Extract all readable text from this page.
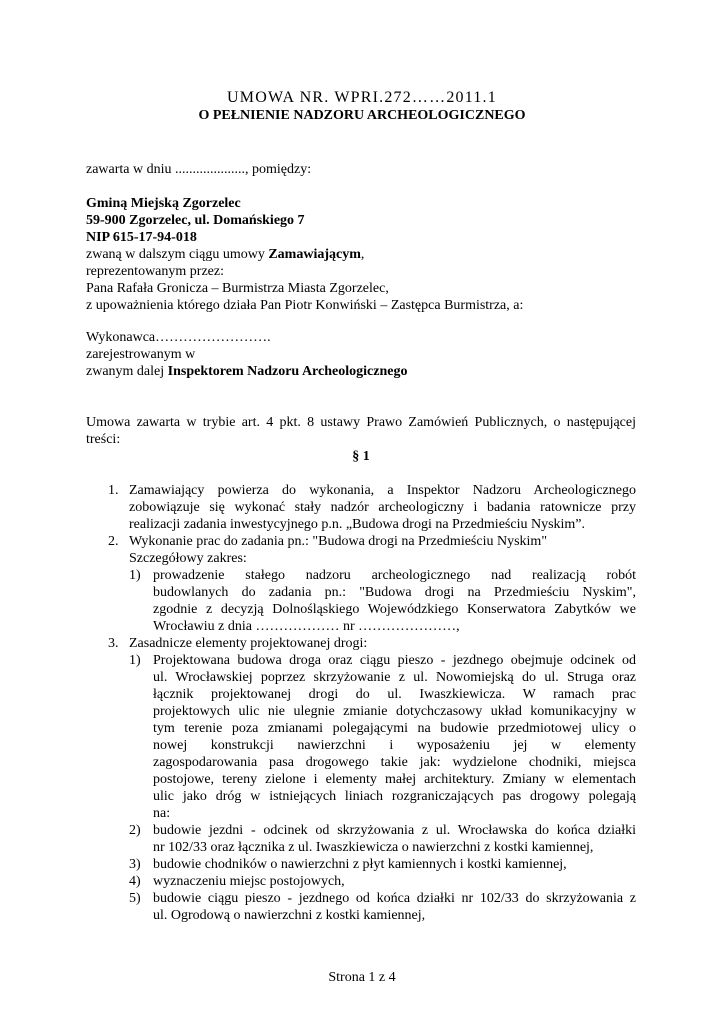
UMOWA NR. WPRI.272……2011.1
O PEŁNIENIE NADZORU ARCHEOLOGICZNEGO
zawarta w dniu ...................., pomiędzy:
Gminą Miejską Zgorzelec
59-900 Zgorzelec, ul. Domańskiego 7
NIP 615-17-94-018
zwaną w dalszym ciągu umowy Zamawiającym,
reprezentowanym przez:
Pana Rafała Gronicza – Burmistrza Miasta Zgorzelec,
z upoważnienia którego działa Pan Piotr Konwiński – Zastępca Burmistrza, a:
Wykonawca…………………….
zarejestrowanym w
zwanym dalej Inspektorem Nadzoru Archeologicznego
Umowa zawarta w trybie art. 4 pkt. 8 ustawy Prawo Zamówień Publicznych, o następującej
treści:
§ 1
1. Zamawiający powierza do wykonania, a Inspektor Nadzoru Archeologicznego
zobowiązuje się wykonać stały nadzór archeologiczny i badania ratownicze przy
realizacji zadania inwestycyjnego p.n. „Budowa drogi na Przedmieściu Nyskim”.
2. Wykonanie prac do zadania pn.: "Budowa drogi na Przedmieściu Nyskim"
Szczegółowy zakres:
1) prowadzenie stałego nadzoru archeologicznego nad realizacją robót
budowlanych do zadania pn.: "Budowa drogi na Przedmieściu Nyskim",
zgodnie z decyzją Dolnośląskiego Wojewódzkiego Konserwatora Zabytków we
Wrocławiu z dnia ……………… nr …………………,
3. Zasadnicze elementy projektowanej drogi:
1) Projektowana budowa droga oraz ciągu pieszo - jezdnego obejmuje odcinek od
ul. Wrocławskiej poprzez skrzyżowanie z ul. Nowomiejską do ul. Struga oraz
łącznik projektowanej drogi do ul. Iwaszkiewicza. W ramach prac
projektowych ulic nie ulegnie zmianie dotychczasowy układ komunikacyjny w
tym terenie poza zmianami polegającymi na budowie przedmiotowej ulicy o
nowej konstrukcji nawierzchni i wyposażeniu jej w elementy
zagospodarowania pasa drogowego takie jak: wydzielone chodniki, miejsca
postojowe, tereny zielone i elementy małej architektury. Zmiany w elementach
ulic jako dróg w istniejących liniach rozgraniczających pas drogowy polegają
na:
2) budowie jezdni - odcinek od skrzyżowania z ul. Wrocławska do końca działki
nr 102/33 oraz łącznika z ul. Iwaszkiewicza o nawierzchni z kostki kamiennej,
3) budowie chodników o nawierzchni z płyt kamiennych i kostki kamiennej,
4) wyznaczeniu miejsc postojowych,
5) budowie ciągu pieszo - jezdnego od końca działki nr 102/33 do skrzyżowania z
ul. Ogrodową o nawierzchni z kostki kamiennej,
Strona 1 z 4
